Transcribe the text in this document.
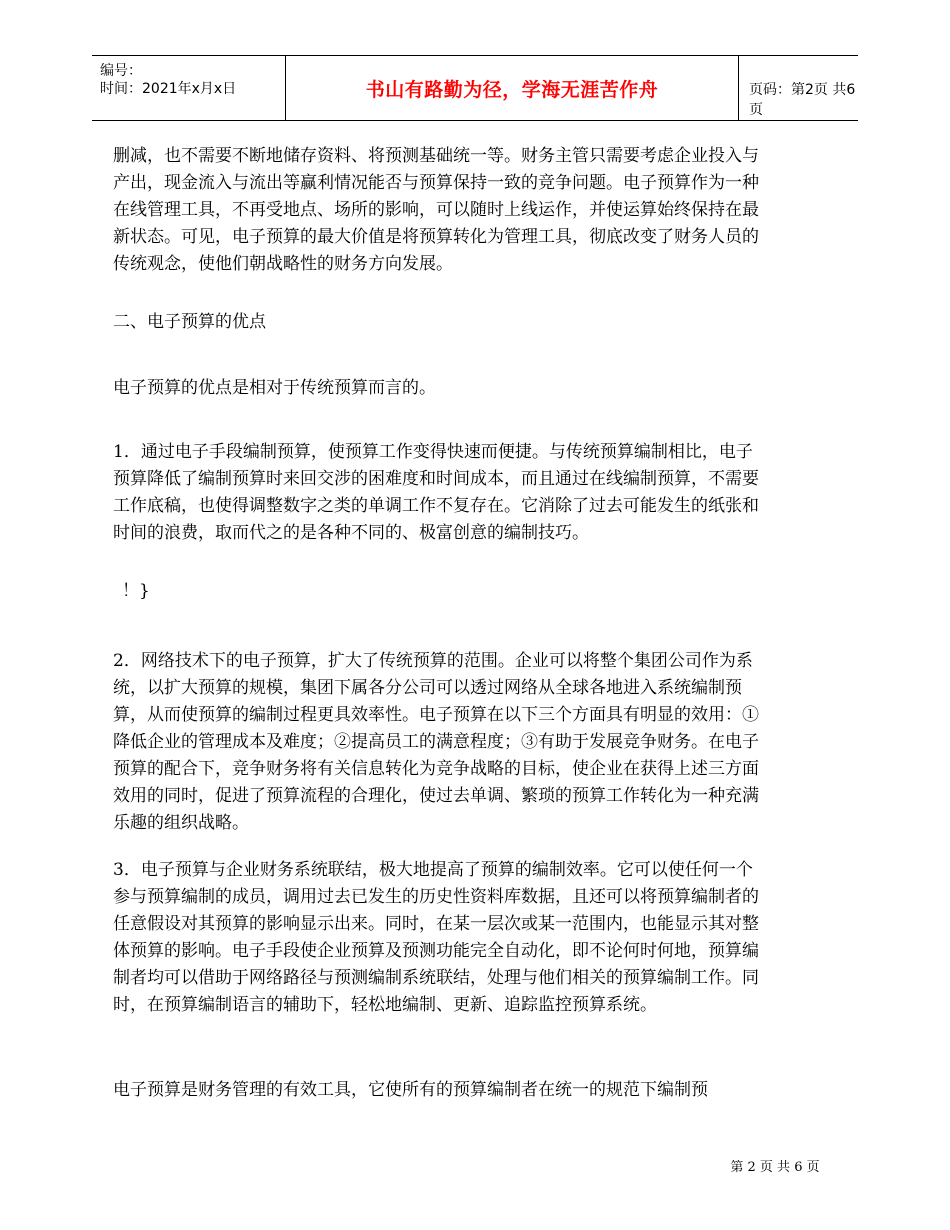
编号：
时间：2021年x月x日	书山有路勤为径，学海无涯苦作舟	页码：第2页 共6页
删减，也不需要不断地储存资料、将预测基础统一等。财务主管只需要考虑企业投入与产出，现金流入与流出等赢利情况能否与预算保持一致的竞争问题。电子预算作为一种在线管理工具，不再受地点、场所的影响，可以随时上线运作，并使运算始终保持在最新状态。可见，电子预算的最大价值是将预算转化为管理工具，彻底改变了财务人员的传统观念，使他们朝战略性的财务方向发展。
二、电子预算的优点
电子预算的优点是相对于传统预算而言的。
1．通过电子手段编制预算，使预算工作变得快速而便捷。与传统预算编制相比，电子预算降低了编制预算时来回交涉的困难度和时间成本，而且通过在线编制预算，不需要工作底稿，也使得调整数字之类的单调工作不复存在。它消除了过去可能发生的纸张和时间的浪费，取而代之的是各种不同的、极富创意的编制技巧。
！}
2．网络技术下的电子预算，扩大了传统预算的范围。企业可以将整个集团公司作为系统，以扩大预算的规模，集团下属各分公司可以透过网络从全球各地进入系统编制预算，从而使预算的编制过程更具效率性。电子预算在以下三个方面具有明显的效用：①降低企业的管理成本及难度；②提高员工的满意程度；③有助于发展竞争财务。在电子预算的配合下，竞争财务将有关信息转化为竞争战略的目标，使企业在获得上述三方面效用的同时，促进了预算流程的合理化，使过去单调、繁琐的预算工作转化为一种充满乐趣的组织战略。
3．电子预算与企业财务系统联结，极大地提高了预算的编制效率。它可以使任何一个参与预算编制的成员，调用过去已发生的历史性资料库数据，且还可以将预算编制者的任意假设对其预算的影响显示出来。同时，在某一层次或某一范围内，也能显示其对整体预算的影响。电子手段使企业预算及预测功能完全自动化，即不论何时何地，预算编制者均可以借助于网络路径与预测编制系统联结，处理与他们相关的预算编制工作。同时，在预算编制语言的辅助下，轻松地编制、更新、追踪监控预算系统。
电子预算是财务管理的有效工具，它使所有的预算编制者在统一的规范下编制预
第 2 页 共 6 页
